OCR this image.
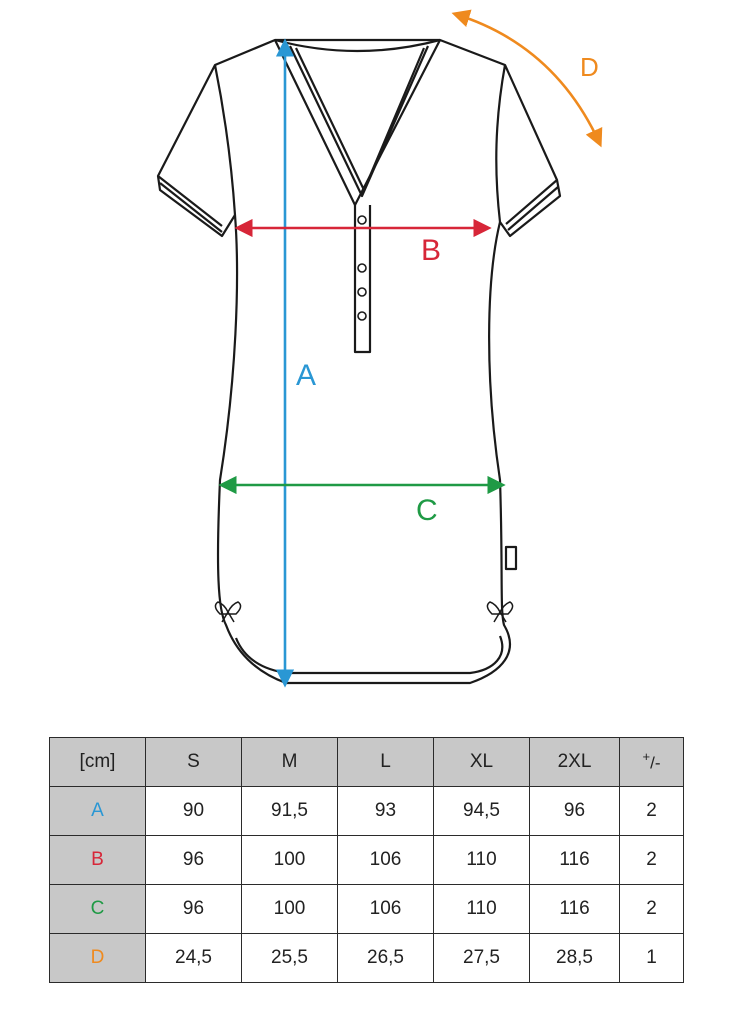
A
B
C
D
[cm]	S	M	L	XL	2XL	+/-
A	90	91,5	93	94,5	96	2
B	96	100	106	110	116	2
C	96	100	106	110	116	2
D	24,5	25,5	26,5	27,5	28,5	1
